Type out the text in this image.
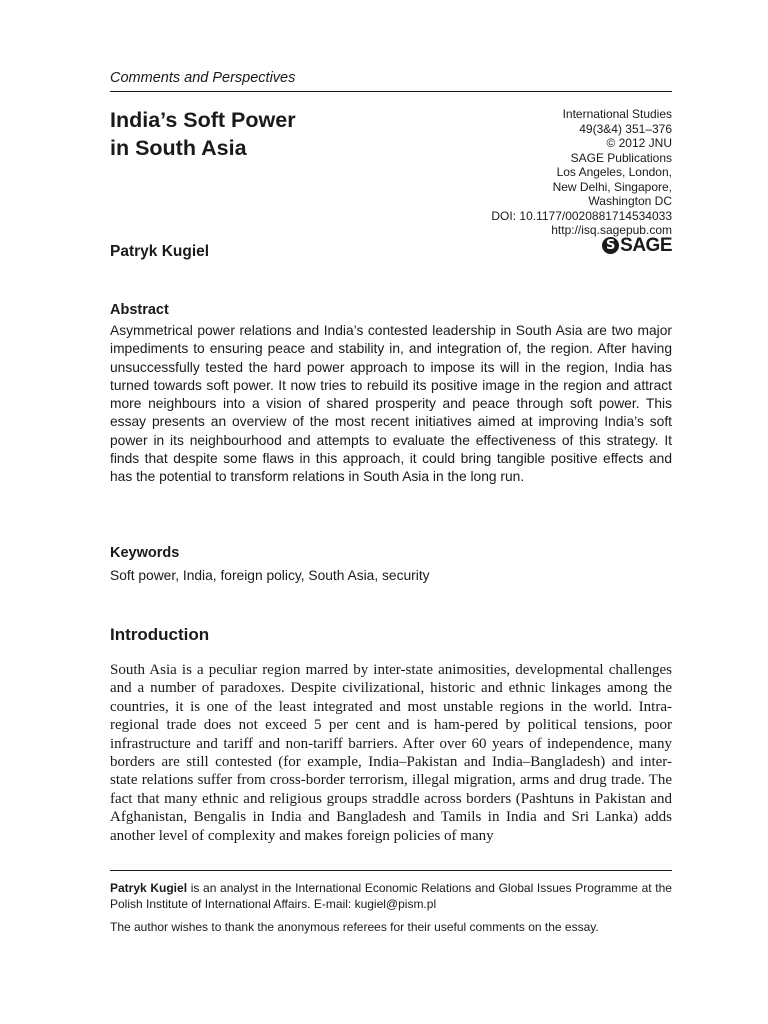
Comments and Perspectives
India’s Soft Power
in South Asia
International Studies
49(3&4) 351–376
© 2012 JNU
SAGE Publications
Los Angeles, London,
New Delhi, Singapore,
Washington DC
DOI: 10.1177/0020881714534033
http://isq.sagepub.com
S SAGE
Patryk Kugiel
Abstract

Asymmetrical power relations and India’s contested leadership in South Asia are two major impediments to ensuring peace and stability in, and integration of, the region. After having unsuccessfully tested the hard power approach to impose its will in the region, India has turned towards soft power. It now tries to rebuild its positive image in the region and attract more neighbours into a vision of shared prosperity and peace through soft power. This essay presents an overview of the most recent initiatives aimed at improving India’s soft power in its neighbourhood and attempts to evaluate the effectiveness of this strategy. It finds that despite some flaws in this approach, it could bring tangible positive effects and has the potential to transform relations in South Asia in the long run.

Keywords
Soft power, India, foreign policy, South Asia, security
Introduction

South Asia is a peculiar region marred by inter-state animosities, developmental challenges and a number of paradoxes. Despite civilizational, historic and ethnic linkages among the countries, it is one of the least integrated and most unstable regions in the world. Intra-regional trade does not exceed 5 per cent and is ham-pered by political tensions, poor infrastructure and tariff and non-tariff barriers. After over 60 years of independence, many borders are still contested (for example, India–Pakistan and India–Bangladesh) and inter-state relations suffer from cross-border terrorism, illegal migration, arms and drug trade. The fact that many ethnic and religious groups straddle across borders (Pashtuns in Pakistan and Afghanistan, Bengalis in India and Bangladesh and Tamils in India and Sri Lanka) adds another level of complexity and makes foreign policies of many

Patryk Kugiel is an analyst in the International Economic Relations and Global Issues Programme at the Polish Institute of International Affairs. E-mail: kugiel@pism.pl

The author wishes to thank the anonymous referees for their useful comments on the essay.
